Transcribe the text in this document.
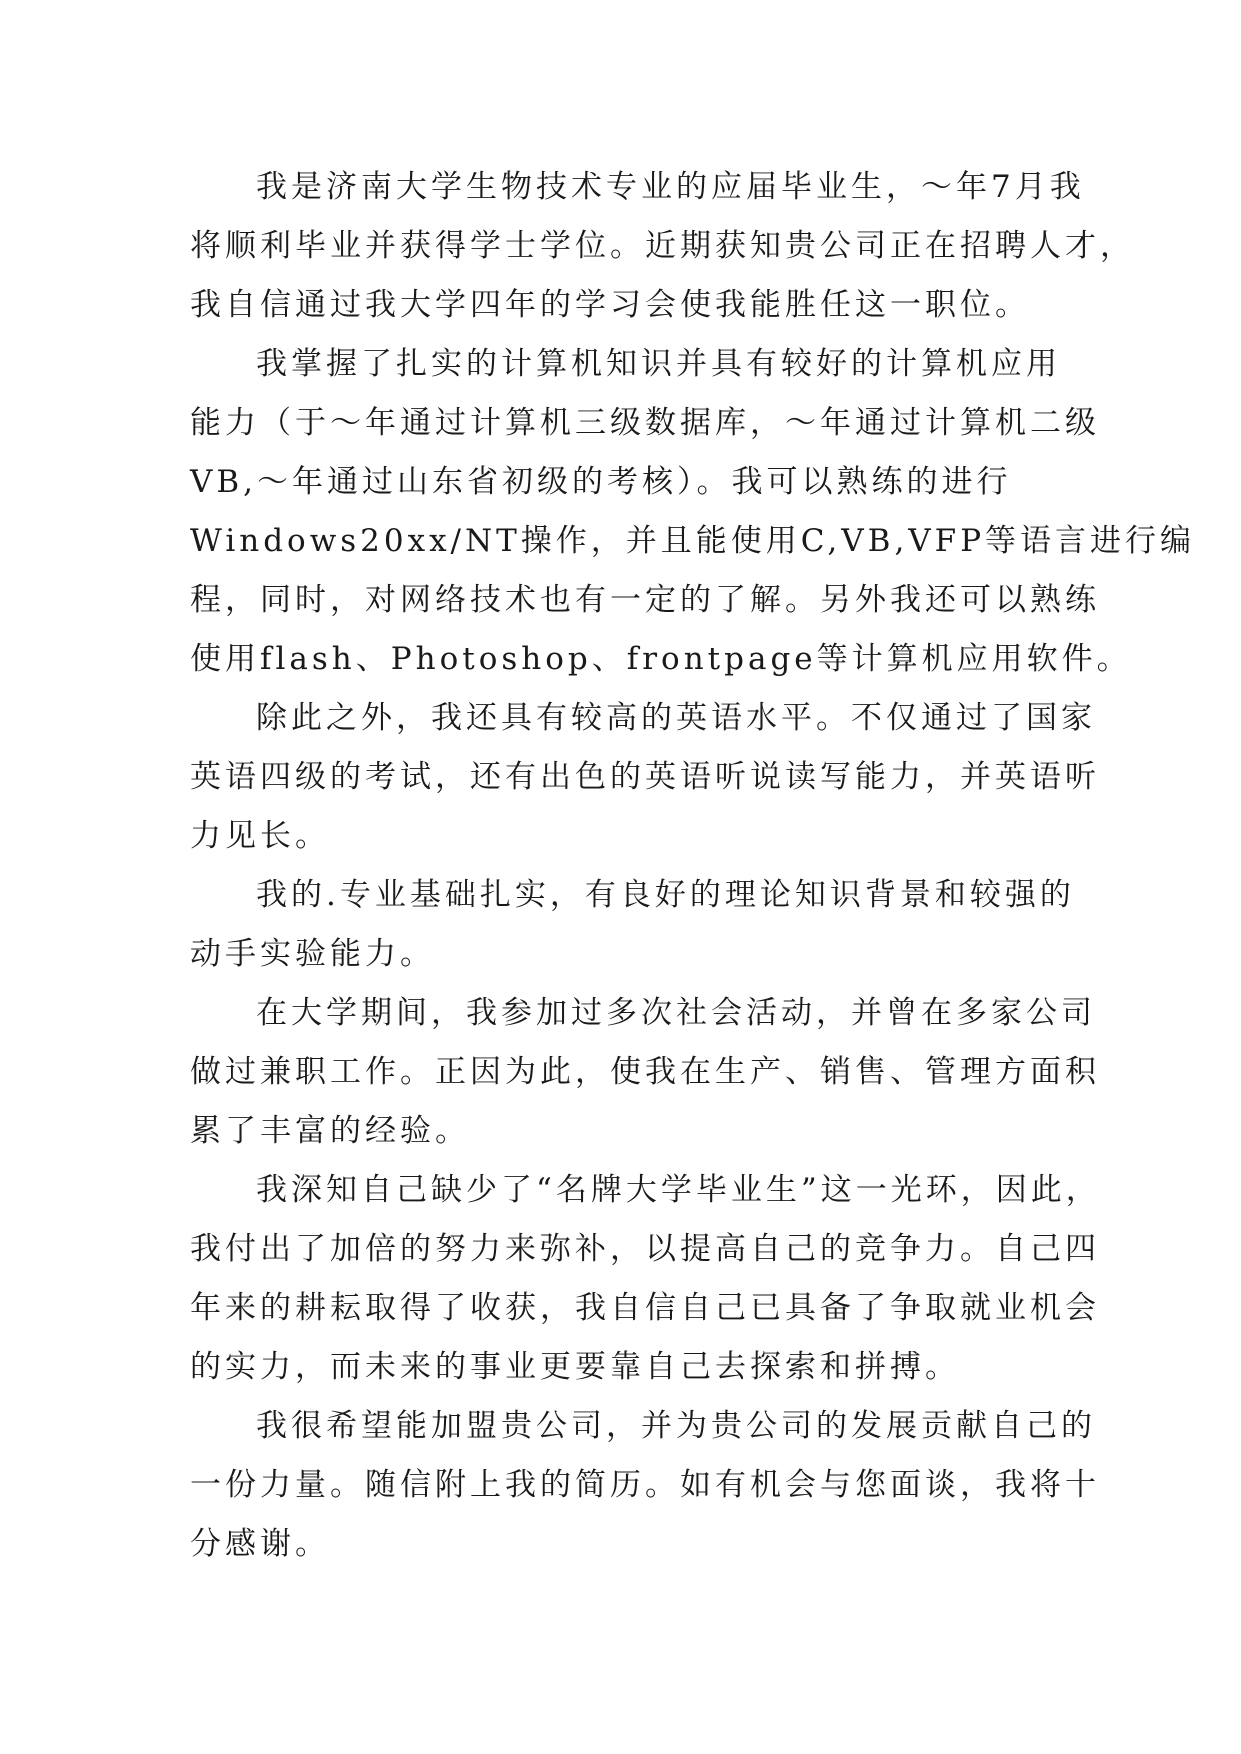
我是济南大学生物技术专业的应届毕业生，～年7月我
将顺利毕业并获得学士学位。近期获知贵公司正在招聘人才，
我自信通过我大学四年的学习会使我能胜任这一职位。
我掌握了扎实的计算机知识并具有较好的计算机应用
能力（于～年通过计算机三级数据库，～年通过计算机二级
VB,～年通过山东省初级的考核）。我可以熟练的进行
Windows20xx/NT操作，并且能使用C,VB,VFP等语言进行编
程，同时，对网络技术也有一定的了解。另外我还可以熟练
使用flash、Photoshop、frontpage等计算机应用软件。
除此之外，我还具有较高的英语水平。不仅通过了国家
英语四级的考试，还有出色的英语听说读写能力，并英语听
力见长。
我的.专业基础扎实，有良好的理论知识背景和较强的
动手实验能力。
在大学期间，我参加过多次社会活动，并曾在多家公司
做过兼职工作。正因为此，使我在生产、销售、管理方面积
累了丰富的经验。
我深知自己缺少了“名牌大学毕业生”这一光环，因此，
我付出了加倍的努力来弥补，以提高自己的竞争力。自己四
年来的耕耘取得了收获，我自信自己已具备了争取就业机会
的实力，而未来的事业更要靠自己去探索和拼搏。
我很希望能加盟贵公司，并为贵公司的发展贡献自己的
一份力量。随信附上我的简历。如有机会与您面谈，我将十
分感谢。
